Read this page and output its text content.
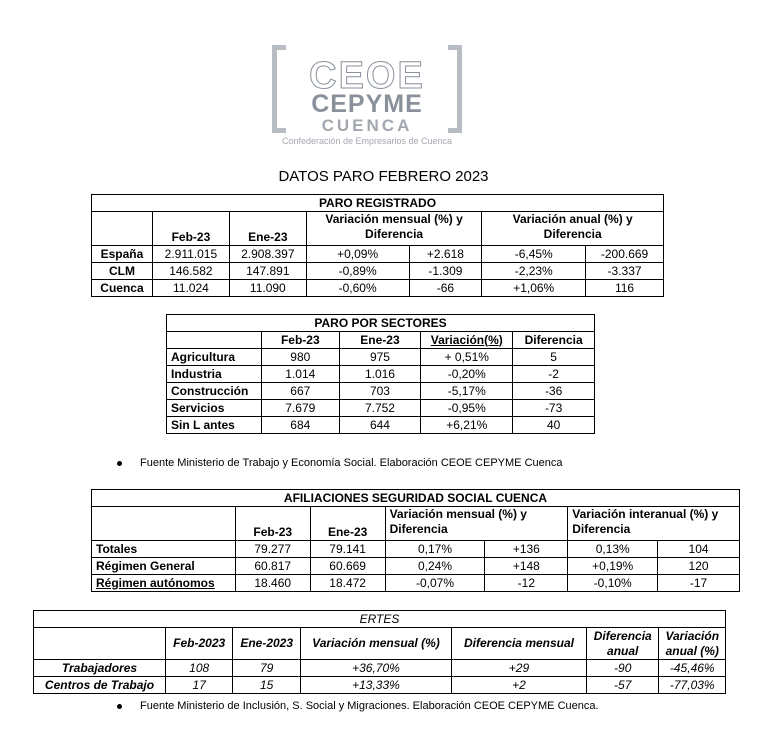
CEOE
CEPYME
CUENCA
Confederación de Empresarios de Cuenca
DATOS PARO FEBRERO 2023
PARO REGISTRADO						
	Feb-23	Ene-23	Variación mensual (%) y Diferencia		Variación anual (%) y Diferencia	
España	2.911.015	2.908.397	+0,09%	+2.618	-6,45%	-200.669
CLM	146.582	147.891	-0,89%	-1.309	-2,23%	-3.337
Cuenca	11.024	11.090	-0,60%	-66	+1,06%	116
PARO POR SECTORES				
	Feb-23	Ene-23	Variación(%)	Diferencia
Agricultura	980	975	+ 0,51%	5
Industria	1.014	1.016	-0,20%	-2
Construcción	667	703	-5,17%	-36
Servicios	7.679	7.752	-0,95%	-73
Sin L antes	684	644	+6,21%	40
Fuente Ministerio de Trabajo y Economía Social. Elaboración CEOE CEPYME Cuenca
AFILIACIONES SEGURIDAD SOCIAL CUENCA						
	Feb-23	Ene-23	Variación mensual (%) y Diferencia		Variación interanual (%) y Diferencia	
Totales	79.277	79.141	0,17%	+136	0,13%	104
Régimen General	60.817	60.669	0,24%	+148	+0,19%	120
Régimen autónomos	18.460	18.472	-0,07%	-12	-0,10%	-17
ERTES						
	Feb-2023	Ene-2023	Variación mensual (%)	Diferencia mensual	Diferencia anual	Variación anual (%)
Trabajadores	108	79	+36,70%	+29	-90	-45,46%
Centros de Trabajo	17	15	+13,33%	+2	-57	-77,03%
Fuente Ministerio de Inclusión, S. Social y Migraciones. Elaboración CEOE CEPYME Cuenca.
